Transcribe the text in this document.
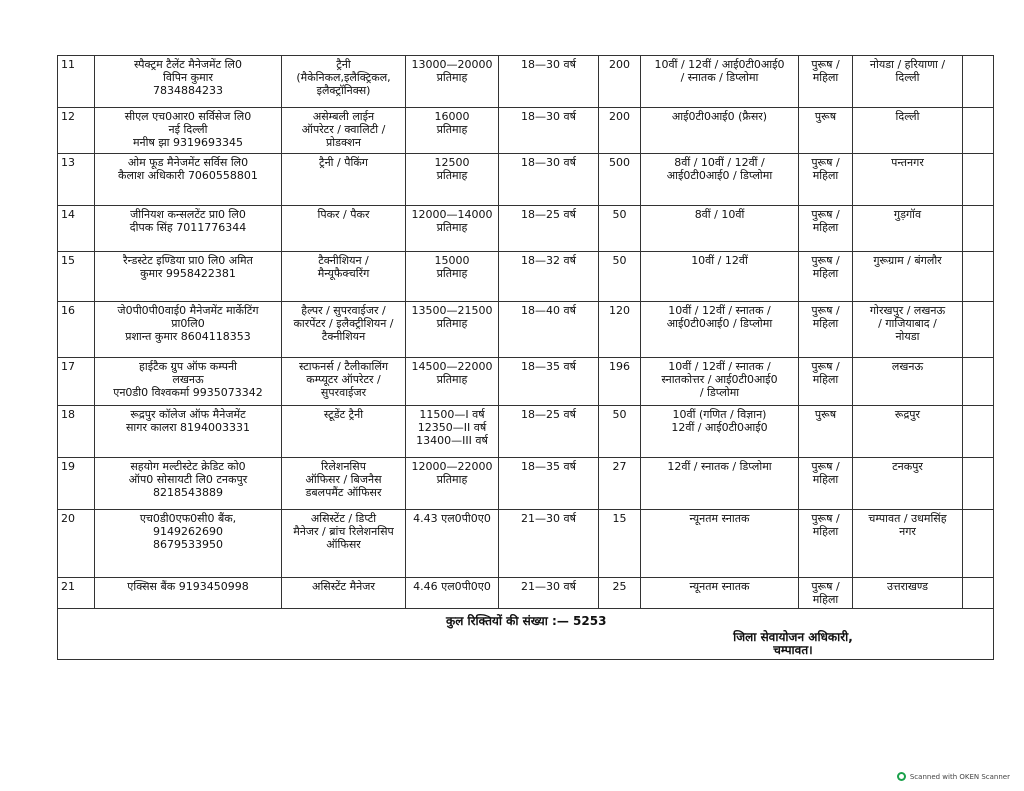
11	स्पैक्ट्रम टैलेंट मैनेजमेंट लि0
विपिन कुमार
7834884233	ट्रैनी
(मैकेनिकल,इलैक्ट्रिकल,
इलैक्ट्रॉनिक्स)	13000—20000
प्रतिमाह	18—30 वर्ष	200	10वीं / 12वीं / आई0टी0आई0
/ स्नातक / डिप्लोमा	पुरूष /
महिला	नोयडा / हरियाणा /
दिल्ली	

12	सीएल एच0आर0 सर्विसेज लि0
नई दिल्ली
मनीष झा 9319693345	असेम्बली लाईन
ऑपरेटर / क्वालिटी /
प्रोडक्शन	16000
प्रतिमाह	18—30 वर्ष	200	आई0टी0आई0 (फ्रैसर)	पुरूष	दिल्ली	

13	ओम फूड मैनेजमेंट सर्विस लि0
कैलाश अधिकारी 7060558801	ट्रैनी / पैकिंग	12500
प्रतिमाह	18—30 वर्ष	500	8वीं / 10वीं / 12वीं /
आई0टी0आई0 / डिप्लोमा	पुरूष /
महिला	पन्तनगर	

14	जीनियश कन्सलटेंट प्रा0 लि0
दीपक सिंह 7011776344	पिकर / पैकर	12000—14000
प्रतिमाह	18—25 वर्ष	50	8वीं / 10वीं	पुरूष /
महिला	गुड़गॉव	

15	रैन्डस्टेट इण्डिया प्रा0 लि0 अमित
कुमार 9958422381	टैक्नीशियन /
मैन्यूफैक्चरिंग	15000
प्रतिमाह	18—32 वर्ष	50	10वीं / 12वीं	पुरूष /
महिला	गुरूग्राम / बंगलौर	

16	जे0पी0पी0वाई0 मैनेजमेंट मार्केटिंग
प्रा0लि0
प्रशान्त कुमार 8604118353	हैल्पर / सुपरवाईजर /
कारपेंटर / इलैक्ट्रीशियन /
टैक्नीशियन	13500—21500
प्रतिमाह	18—40 वर्ष	120	10वीं / 12वीं / स्नातक /
आई0टी0आई0 / डिप्लोमा	पुरूष /
महिला	गोरखपुर / लखनऊ
/ गाजियाबाद /
नोयडा	

17	हाईटैक ग्रुप ऑफ कम्पनी
लखनऊ
एन0डी0 विश्वकर्मा 9935073342	स्टाफनर्स / टैलीकालिंग
कम्प्यूटर ऑपरेटर /
सुपरवाईजर	14500—22000
प्रतिमाह	18—35 वर्ष	196	10वीं / 12वीं / स्नातक /
स्नातकोत्तर / आई0टी0आई0
/ डिप्लोमा	पुरूष /
महिला	लखनऊ	

18	रूद्रपुर कॉलेज ऑफ मैनेजमेंट
सागर कालरा 8194003331	स्टूडेंट ट्रैनी	11500—I वर्ष
12350—II वर्ष
13400—III वर्ष	18—25 वर्ष	50	10वीं (गणित / विज्ञान)
12वीं / आई0टी0आई0	पुरूष	रूद्रपुर	

19	सहयोग मल्टीस्टेट क्रेडिट को0
ऑप0 सोसायटी लि0 टनकपुर
8218543889	रिलेशनसिप
ऑफिसर / बिजनैस
डबलपमैंट ऑफिसर	12000—22000
प्रतिमाह	18—35 वर्ष	27	12वीं / स्नातक / डिप्लोमा	पुरूष /
महिला	टनकपुर	

20	एच0डी0एफ0सी0 बैंक,
9149262690
8679533950	असिस्टेंट / डिप्टी
मैनेजर / ब्रांच रिलेशनसिप
ऑफिसर	4.43 एल0पी0ए0	21—30 वर्ष	15	न्यूनतम स्नातक	पुरूष /
महिला	चम्पावत / उधमसिंह
नगर	

21	एक्सिस बैंक 9193450998	असिस्टेंट मैनेजर	4.46 एल0पी0ए0	21—30 वर्ष	25	न्यूनतम स्नातक	पुरूष /
महिला	उत्तराखण्ड	

कुल रिक्तियों की संख्या :— 5253
जिला सेवायोजन अधिकारी,
चम्पावत।									
Scanned with OKEN Scanner
